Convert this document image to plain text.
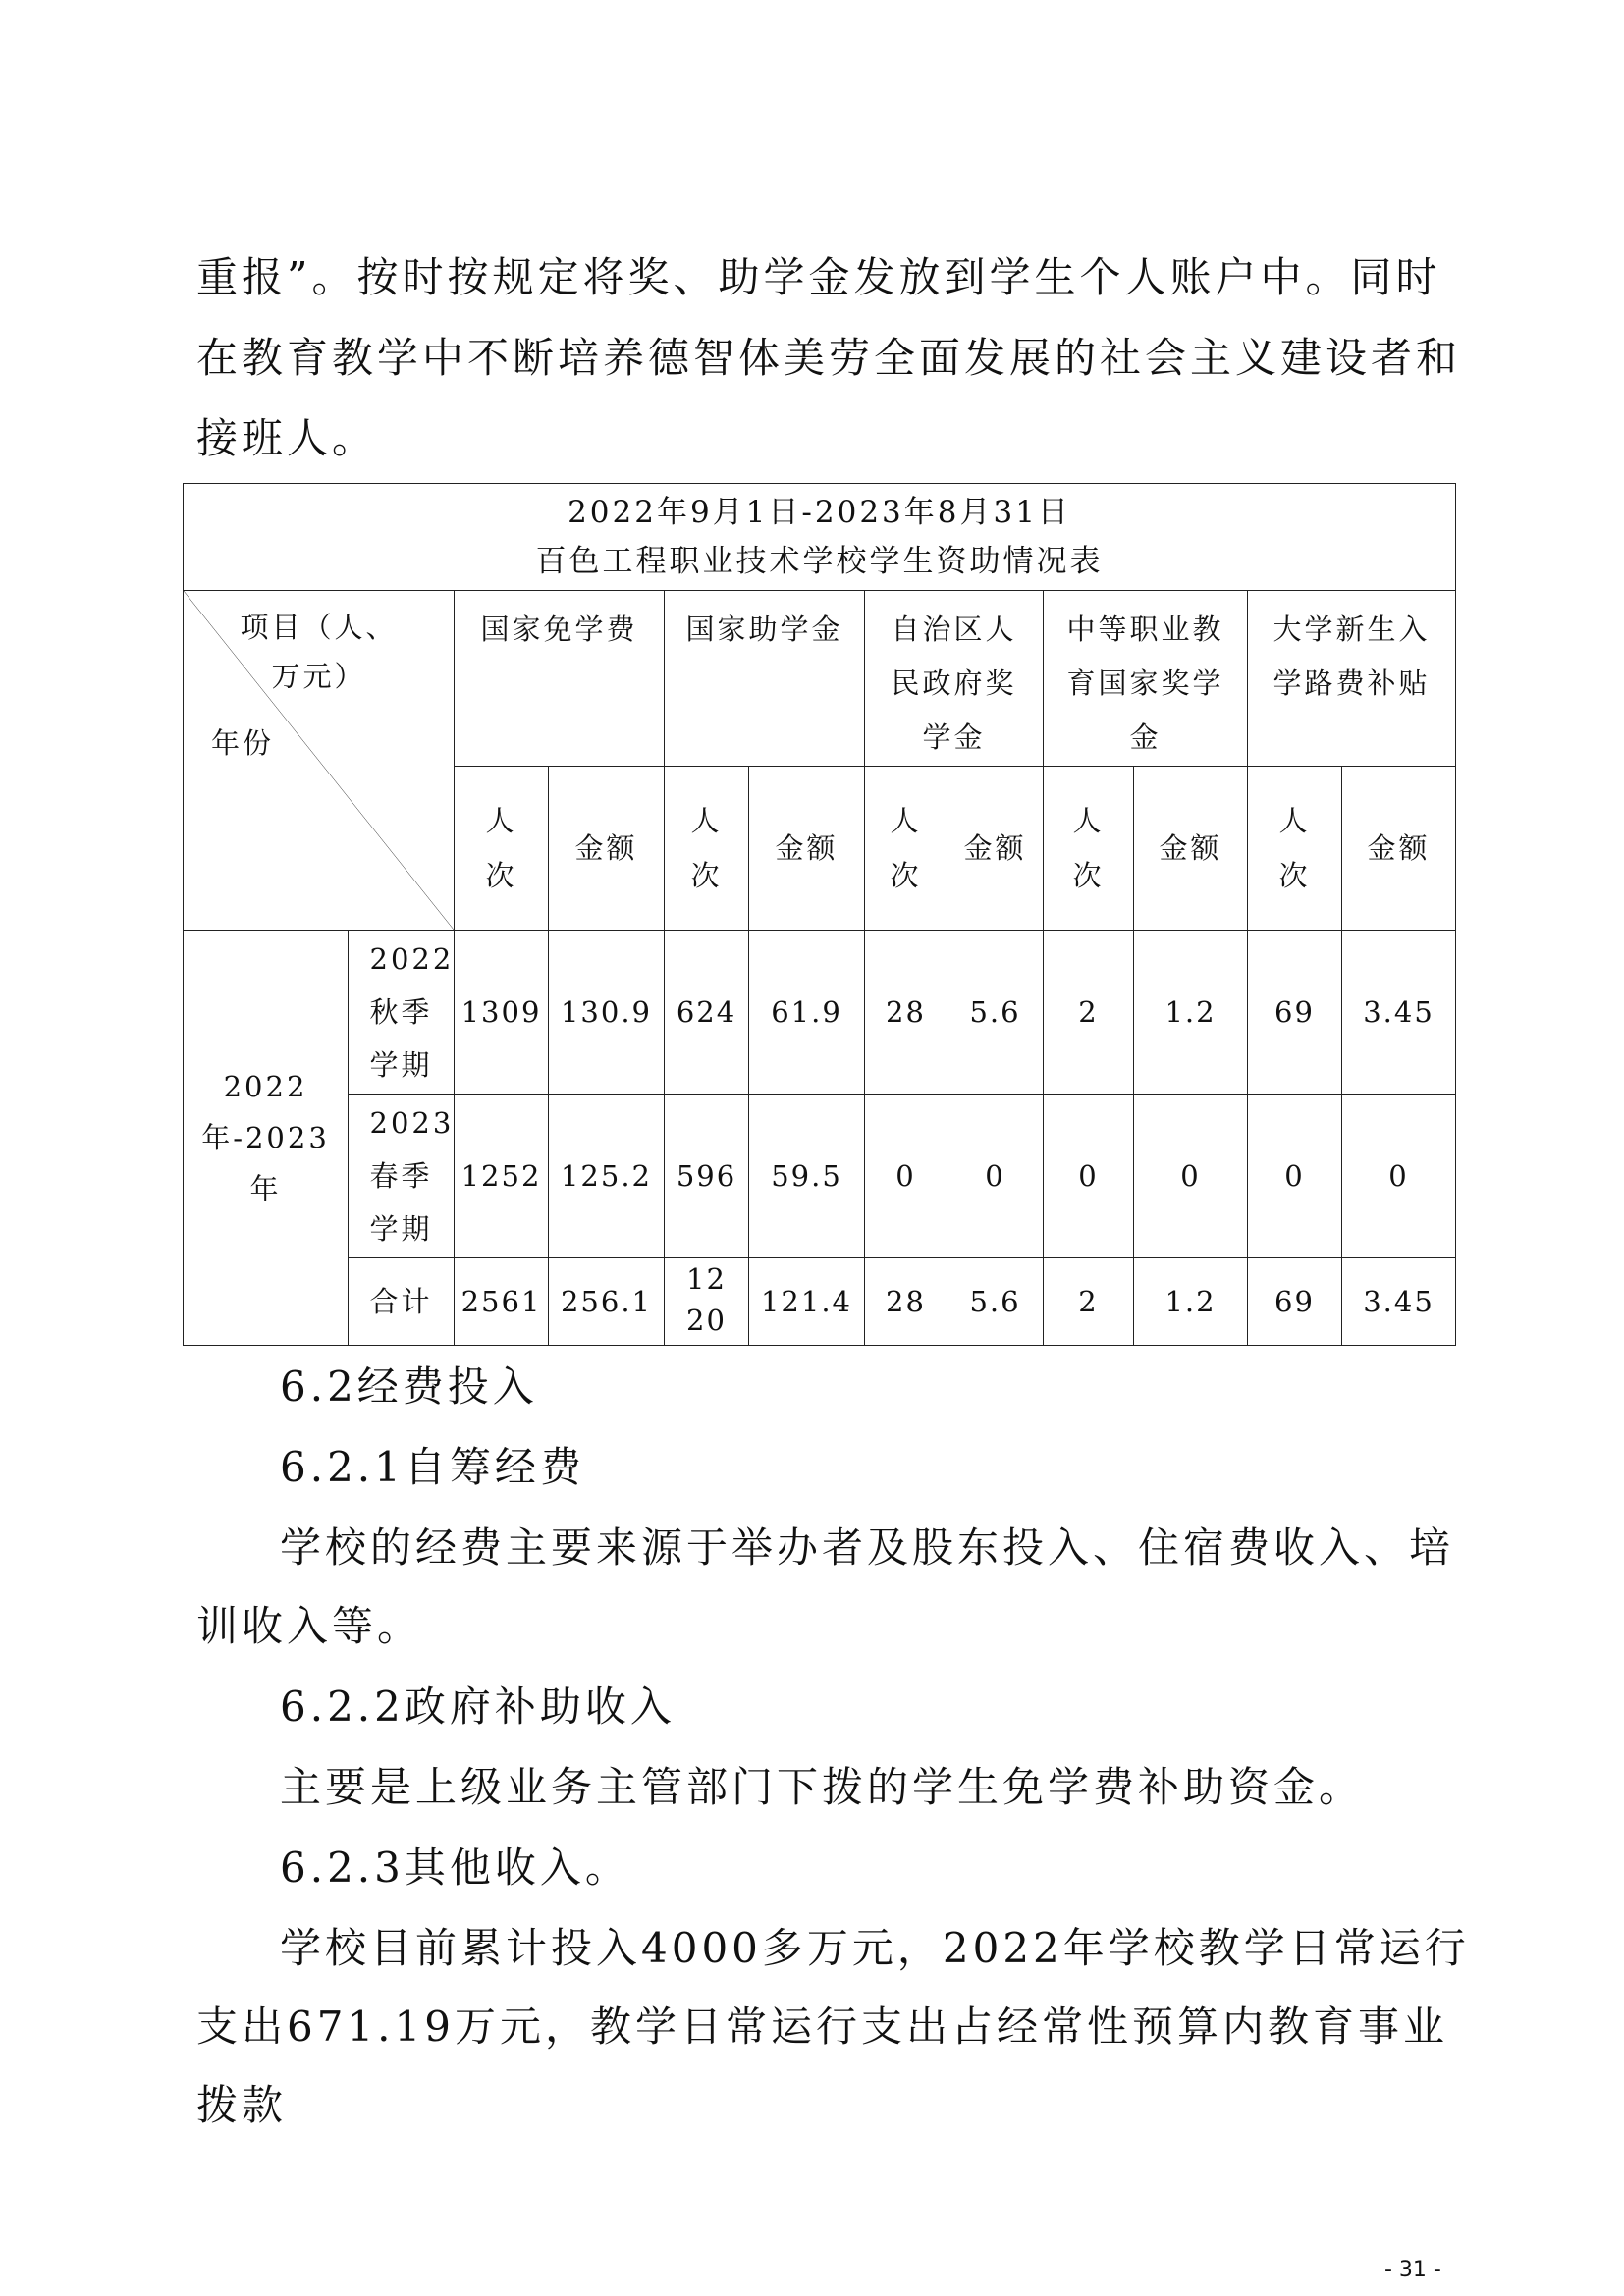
重报”。按时按规定将奖、助学金发放到学生个人账户中。同时

在教育教学中不断培养德智体美劳全面发展的社会主义建设者和

接班人。

2022年9月1日-2023年8月31日
百色工程职业技术学校学生资助情况表											

项目（人、
万元）
年份		国家免学费		国家助学金		自治区人民政府奖学金		中等职业教育国家奖学金		大学新生入学路费补贴	
		人次	金额	人次	金额	人次	金额	人次	金额	人次	金额
2022年-2023年	2022秋季学期	1309	130.9	624	61.9	28	5.6	2	1.2	69	3.45
	2023春季学期	1252	125.2	596	59.5	0	0	0	0	0	0
	合计	2561	256.1	1220	121.4	28	5.6	2	1.2	69	3.45

6.2经费投入

6.2.1自筹经费

学校的经费主要来源于举办者及股东投入、住宿费收入、培训收入等。

6.2.2政府补助收入

主要是上级业务主管部门下拨的学生免学费补助资金。

6.2.3其他收入。

学校目前累计投入4000多万元，2022年学校教学日常运行支出671.19万元，教学日常运行支出占经常性预算内教育事业拨款

- 31 -
